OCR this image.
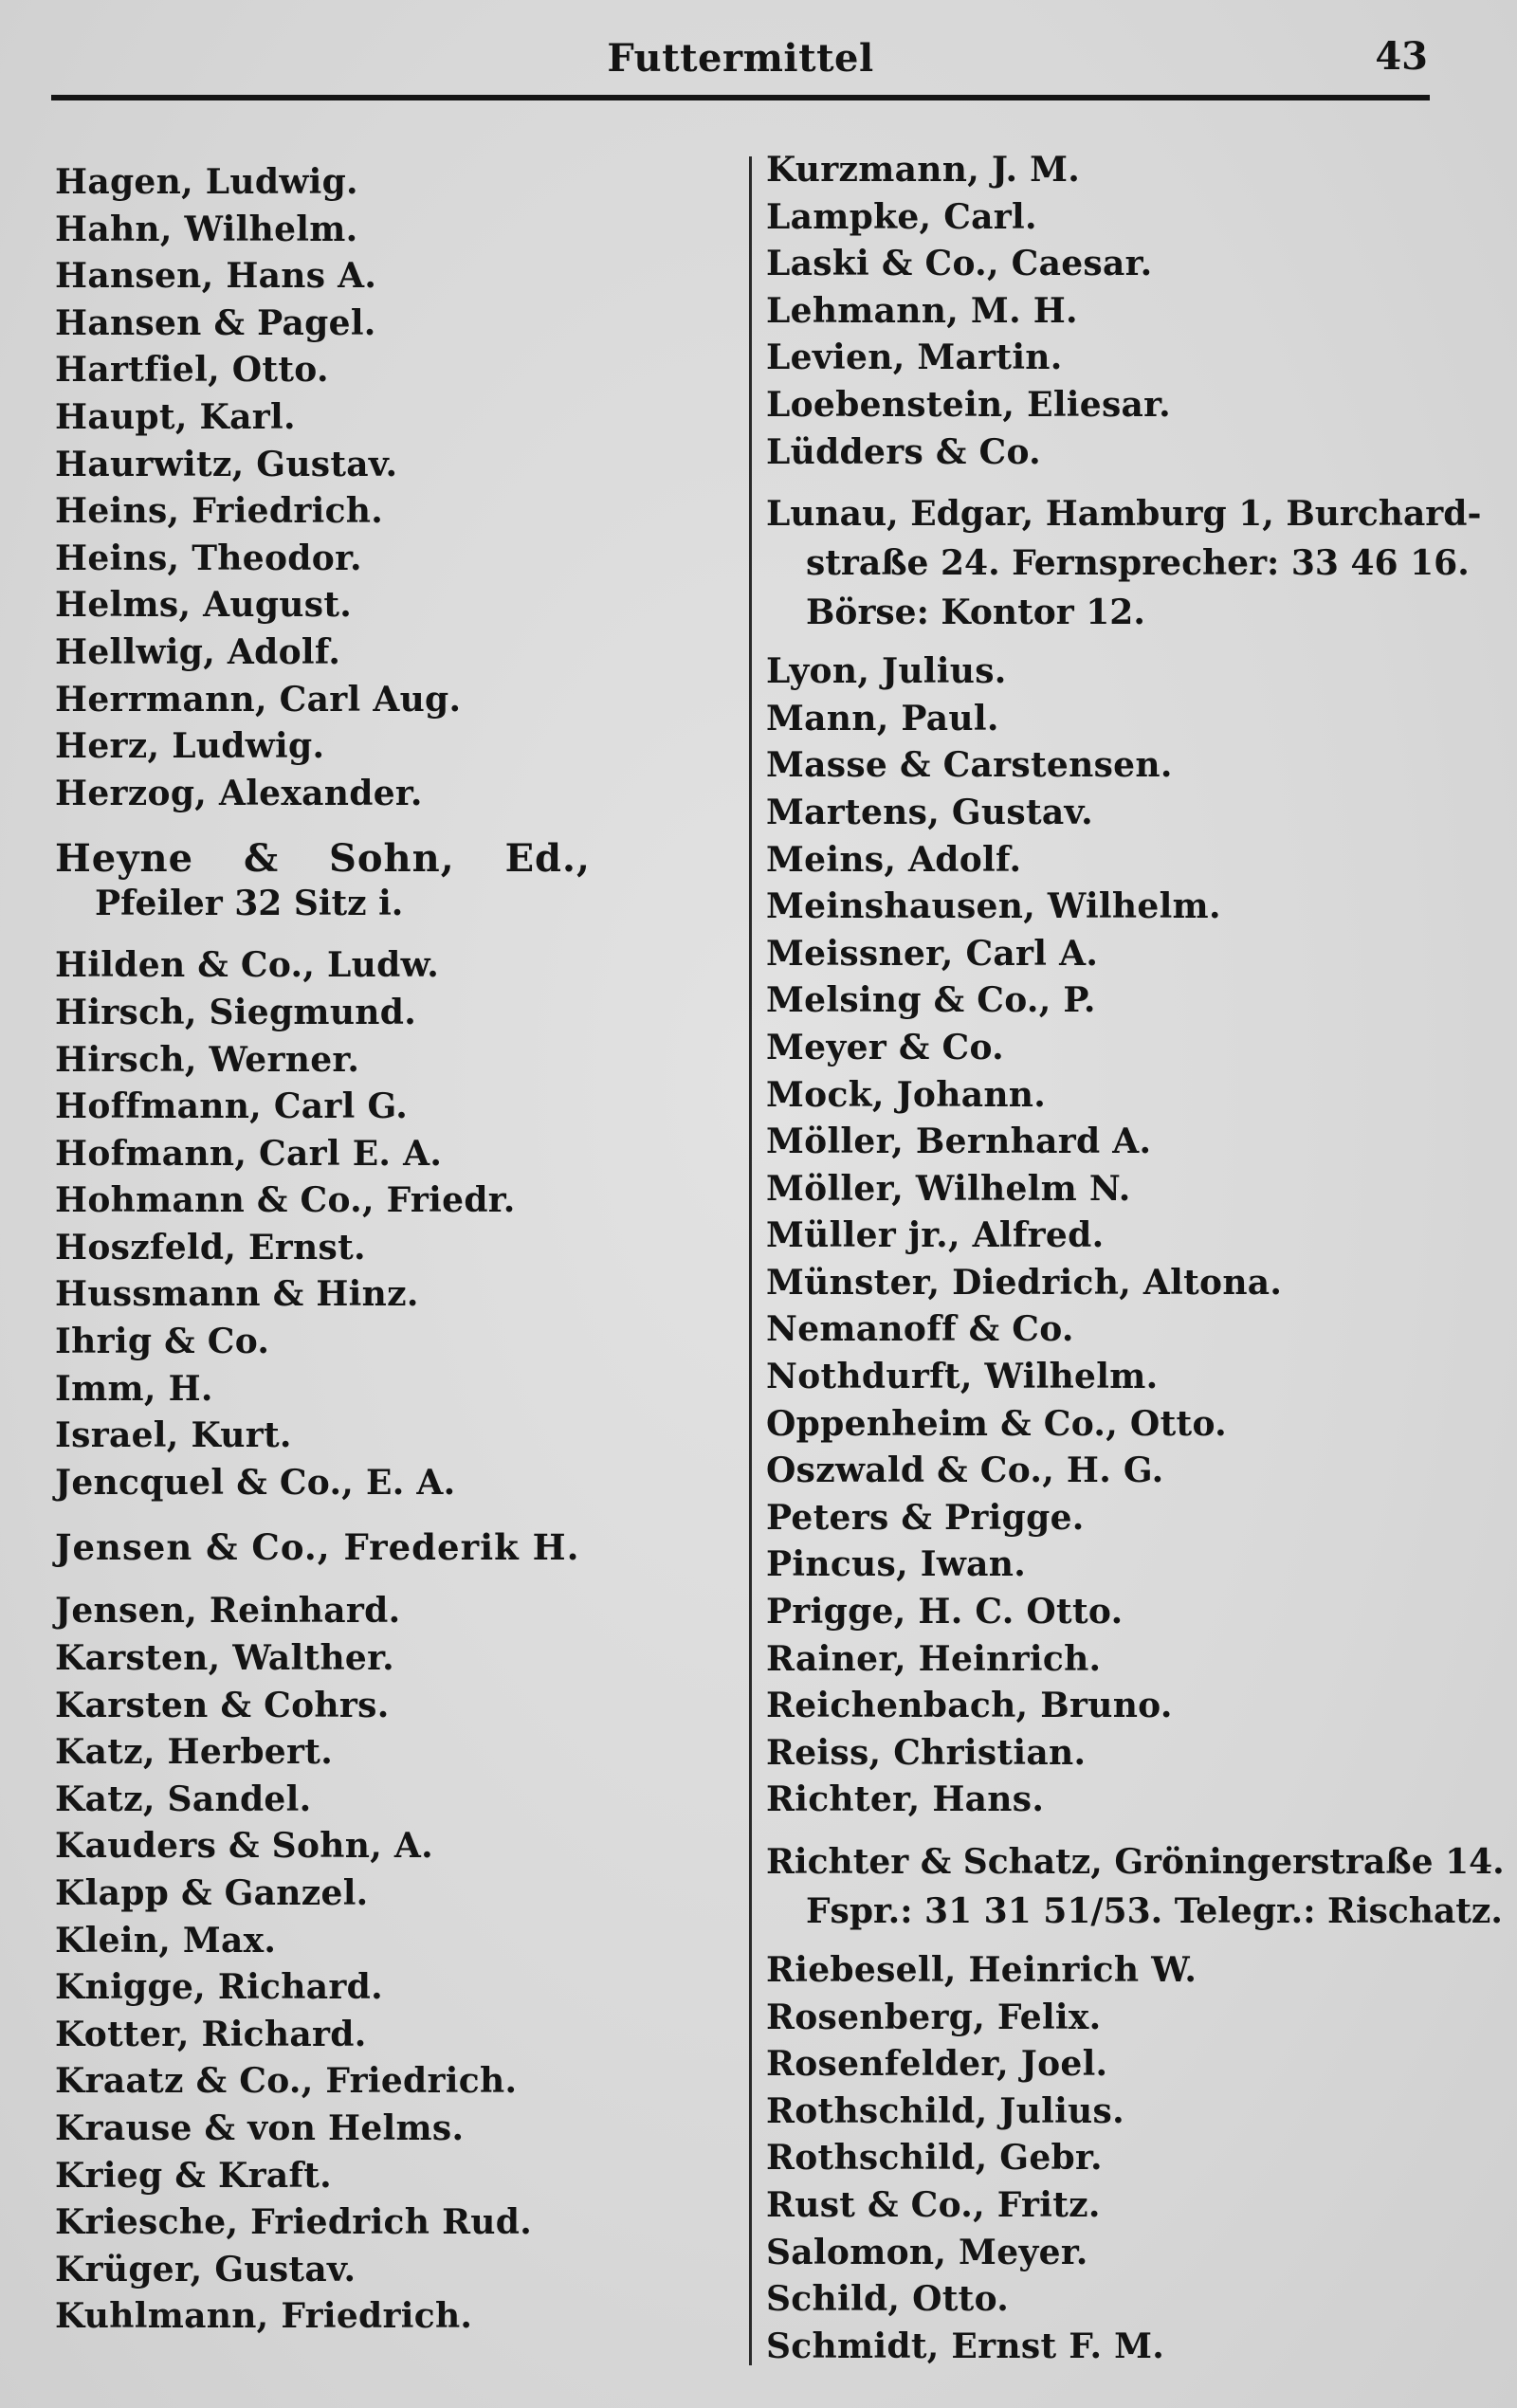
Futtermittel	43
Hagen, Ludwig.
Hahn, Wilhelm.
Hansen, Hans A.
Hansen & Pagel.
Hartfiel, Otto.
Haupt, Karl.
Haurwitz, Gustav.
Heins, Friedrich.
Heins, Theodor.
Helms, August.
Hellwig, Adolf.
Herrmann, Carl Aug.
Herz, Ludwig.
Herzog, Alexander.
Heyne & Sohn, Ed.,
Pfeiler 32 Sitz i.
Hilden & Co., Ludw.
Hirsch, Siegmund.
Hirsch, Werner.
Hoffmann, Carl G.
Hofmann, Carl E. A.
Hohmann & Co., Friedr.
Hoszfeld, Ernst.
Hussmann & Hinz.
Ihrig & Co.
Imm, H.
Israel, Kurt.
Jencquel & Co., E. A.
Jensen & Co., Frederik H.
Jensen, Reinhard.
Karsten, Walther.
Karsten & Cohrs.
Katz, Herbert.
Katz, Sandel.
Kauders & Sohn, A.
Klapp & Ganzel.
Klein, Max.
Knigge, Richard.
Kotter, Richard.
Kraatz & Co., Friedrich.
Krause & von Helms.
Krieg & Kraft.
Kriesche, Friedrich Rud.
Krüger, Gustav.
Kuhlmann, Friedrich.
Kurzmann, J. M.
Lampke, Carl.
Laski & Co., Caesar.
Lehmann, M. H.
Levien, Martin.
Loebenstein, Eliesar.
Lüdders & Co.
Lunau, Edgar, Hamburg 1, Burchard-
straße 24. Fernsprecher: 33 46 16.
Börse: Kontor 12.
Lyon, Julius.
Mann, Paul.
Masse & Carstensen.
Martens, Gustav.
Meins, Adolf.
Meinshausen, Wilhelm.
Meissner, Carl A.
Melsing & Co., P.
Meyer & Co.
Mock, Johann.
Möller, Bernhard A.
Möller, Wilhelm N.
Müller jr., Alfred.
Münster, Diedrich, Altona.
Nemanoff & Co.
Nothdurft, Wilhelm.
Oppenheim & Co., Otto.
Oszwald & Co., H. G.
Peters & Prigge.
Pincus, Iwan.
Prigge, H. C. Otto.
Rainer, Heinrich.
Reichenbach, Bruno.
Reiss, Christian.
Richter, Hans.
Richter & Schatz, Gröningerstraße 14.
Fspr.: 31 31 51/53. Telegr.: Rischatz.
Riebesell, Heinrich W.
Rosenberg, Felix.
Rosenfelder, Joel.
Rothschild, Julius.
Rothschild, Gebr.
Rust & Co., Fritz.
Salomon, Meyer.
Schild, Otto.
Schmidt, Ernst F. M.
